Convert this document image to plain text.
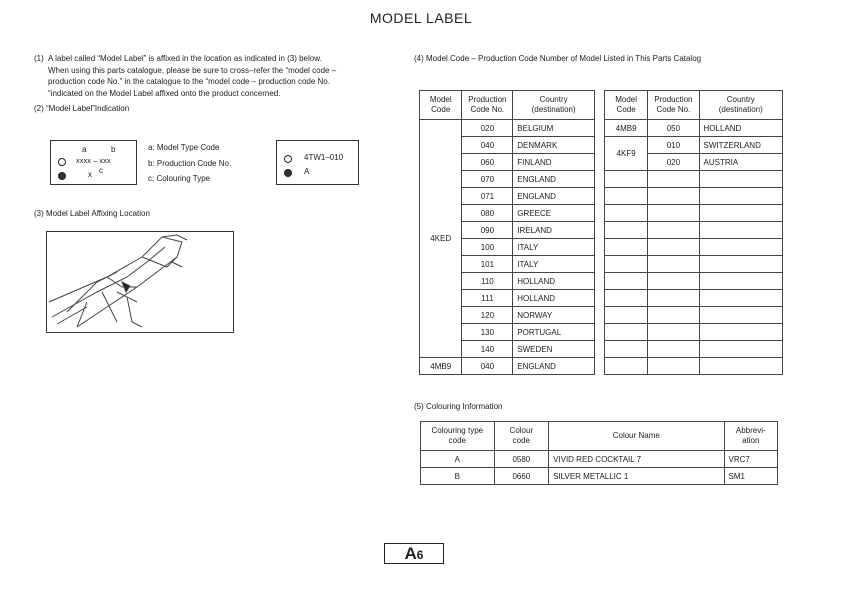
MODEL LABEL
(1) A label called “Model Label” is affixed in the location as indicated in (3) below.
When using this parts catalogue, please be sure to cross–refer the “model code –
production code No.” in the catalogue to the “model code – production code No.
“indicated on the Model Label affixed onto the product concerned.
(2) “Model Label”Indication
a	b
xxxx – xxx
x c
a: Model Type Code
b: Production Code No.
c: Colouring Type
4TW1–010
A
(3) Model Label Affixing Location
(4) Model Code – Production Code Number of Model Listed in This Parts Catalog
Model
Code	Production
Code No.	Country
(destination)
4KED	020	BELGIUM
	040	DENMARK
	060	FINLAND
	070	ENGLAND
	071	ENGLAND
	080	GREECE
	090	IRELAND
	100	ITALY
	101	ITALY
	110	HOLLAND
	111	HOLLAND
	120	NORWAY
	130	PORTUGAL
	140	SWEDEN
4MB9	040	ENGLAND
Model
Code	Production
Code No.	Country
(destination)
4MB9	050	HOLLAND
4KF9	010	SWITZERLAND
	020	AUSTRIA

(5) Colouring Information
Colouring type
code	Colour
code	Colour Name	Abbrevi-
ation
A	0580	VIVID RED COCKTAIL 7	VRC7
B	0660	SILVER METALLIC 1	SM1
A6
